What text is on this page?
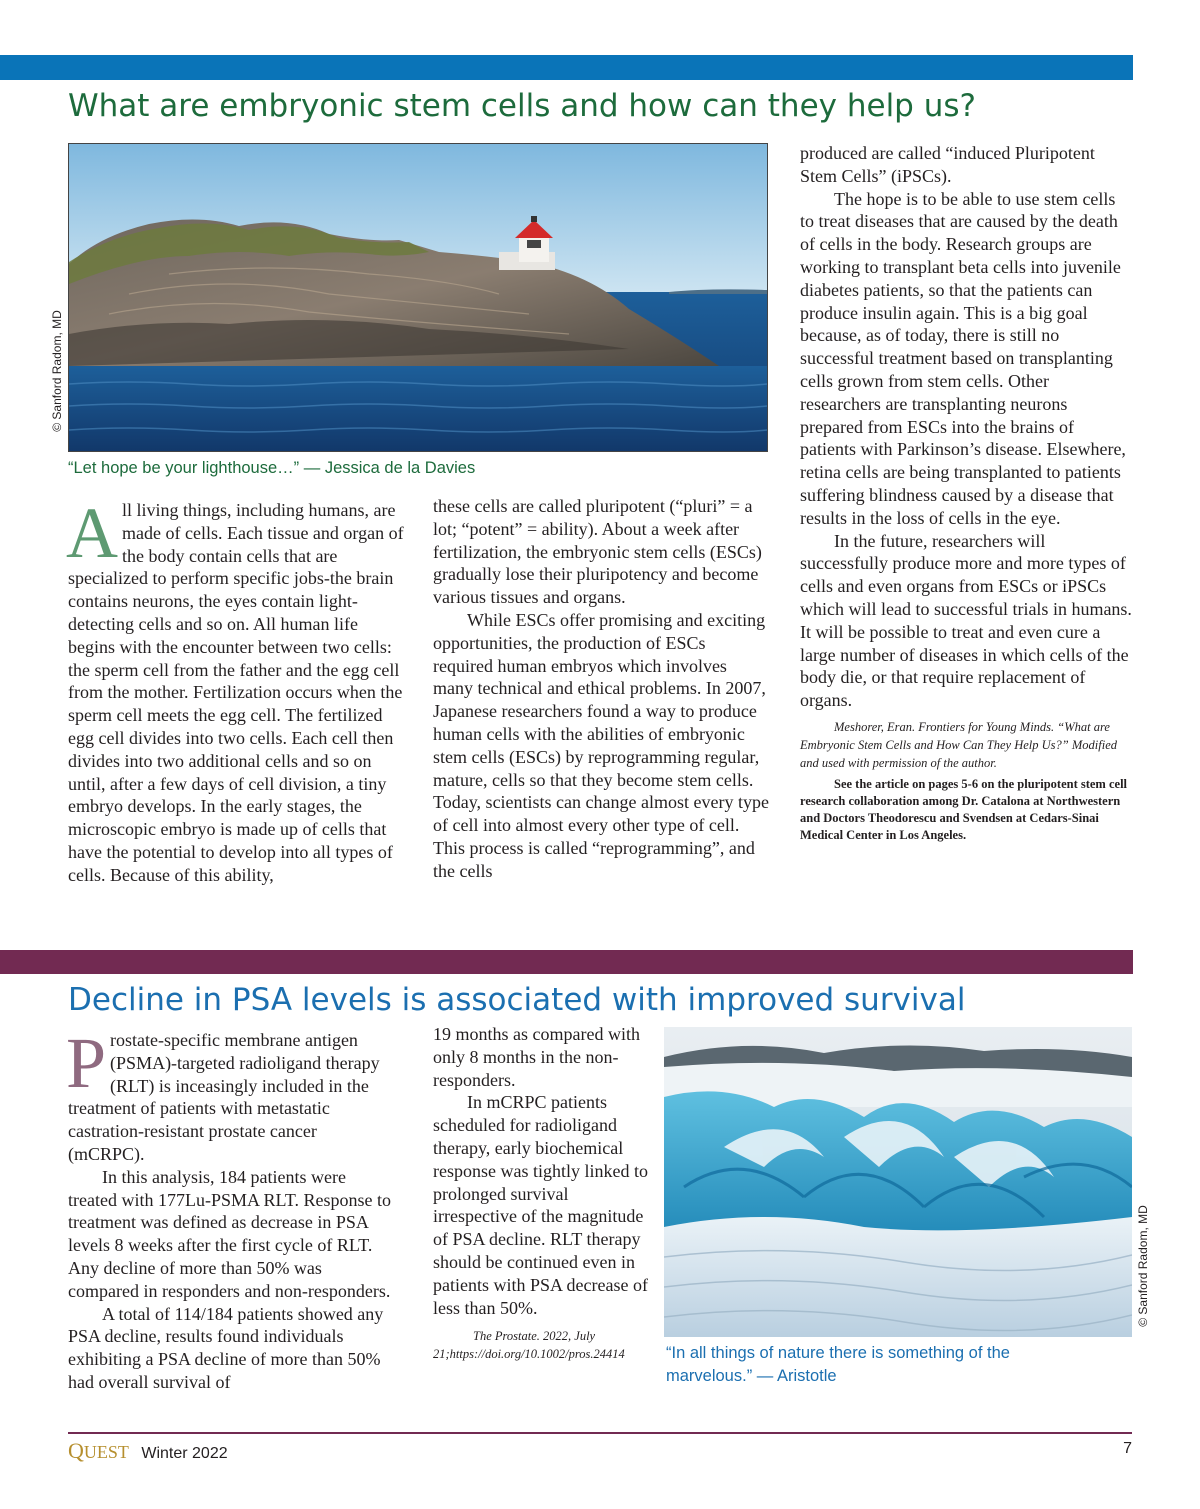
What are embryonic stem cells and how can they help us?
© Sanford Radom, MD
“Let hope be your lighthouse…” — Jessica de la Davies

All living things, including humans, are made of cells. Each tissue and organ of the body contain cells that are specialized to perform specific jobs-the brain contains neurons, the eyes contain light-detecting cells and so on. All human life begins with the encounter between two cells: the sperm cell from the father and the egg cell from the mother. Fertilization occurs when the sperm cell meets the egg cell. The fertilized egg cell divides into two cells. Each cell then divides into two additional cells and so on until, after a few days of cell division, a tiny embryo develops. In the early stages, the microscopic embryo is made up of cells that have the potential to develop into all types of cells. Because of this ability,

these cells are called pluripotent (“pluri” = a lot; “potent” = ability). About a week after fertilization, the embryonic stem cells (ESCs) gradually lose their pluripotency and become various tissues and organs.

While ESCs offer promising and exciting opportunities, the production of ESCs required human embryos which involves many technical and ethical problems. In 2007, Japanese researchers found a way to produce human cells with the abilities of embryonic stem cells (ESCs) by reprogramming regular, mature, cells so that they become stem cells. Today, scientists can change almost every type of cell into almost every other type of cell. This process is called “reprogramming”, and the cells

produced are called “induced Pluripotent Stem Cells” (iPSCs).

The hope is to be able to use stem cells to treat diseases that are caused by the death of cells in the body. Research groups are working to transplant beta cells into juvenile diabetes patients, so that the patients can produce insulin again. This is a big goal because, as of today, there is still no successful treatment based on transplanting cells grown from stem cells. Other researchers are transplanting neurons prepared from ESCs into the brains of patients with Parkinson’s disease. Elsewhere, retina cells are being transplanted to patients suffering blindness caused by a disease that results in the loss of cells in the eye.

In the future, researchers will successfully produce more and more types of cells and even organs from ESCs or iPSCs which will lead to successful trials in humans. It will be possible to treat and even cure a large number of diseases in which cells of the body die, or that require replacement of organs.

Meshorer, Eran. Frontiers for Young Minds. “What are Embryonic Stem Cells and How Can They Help Us?” Modified and used with permission of the author.

See the article on pages 5-6 on the pluripotent stem cell research collaboration among Dr. Catalona at Northwestern and Doctors Theodorescu and Svendsen at Cedars-Sinai Medical Center in Los Angeles.

Decline in PSA levels is associated with improved survival

Prostate-specific membrane antigen (PSMA)-targeted radioligand therapy (RLT) is inceasingly included in the treatment of patients with metastatic castration-resistant prostate cancer (mCRPC).

In this analysis, 184 patients were treated with 177Lu-PSMA RLT. Response to treatment was defined as decrease in PSA levels 8 weeks after the first cycle of RLT. Any decline of more than 50% was compared in responders and non-responders.

A total of 114/184 patients showed any PSA decline, results found individuals exhibiting a PSA decline of more than 50% had overall survival of

19 months as compared with only 8 months in the non-responders.

In mCRPC patients scheduled for radioligand therapy, early biochemical response was tightly linked to prolonged survival irrespective of the magnitude of PSA decline. RLT therapy should be continued even in patients with PSA decrease of less than 50%.

The Prostate. 2022, July 21;https://doi.org/10.1002/pros.24414

© Sanford Radom, MD
“In all things of nature there is something of the marvelous.” — Aristotle
QUEST Winter 2022	7
